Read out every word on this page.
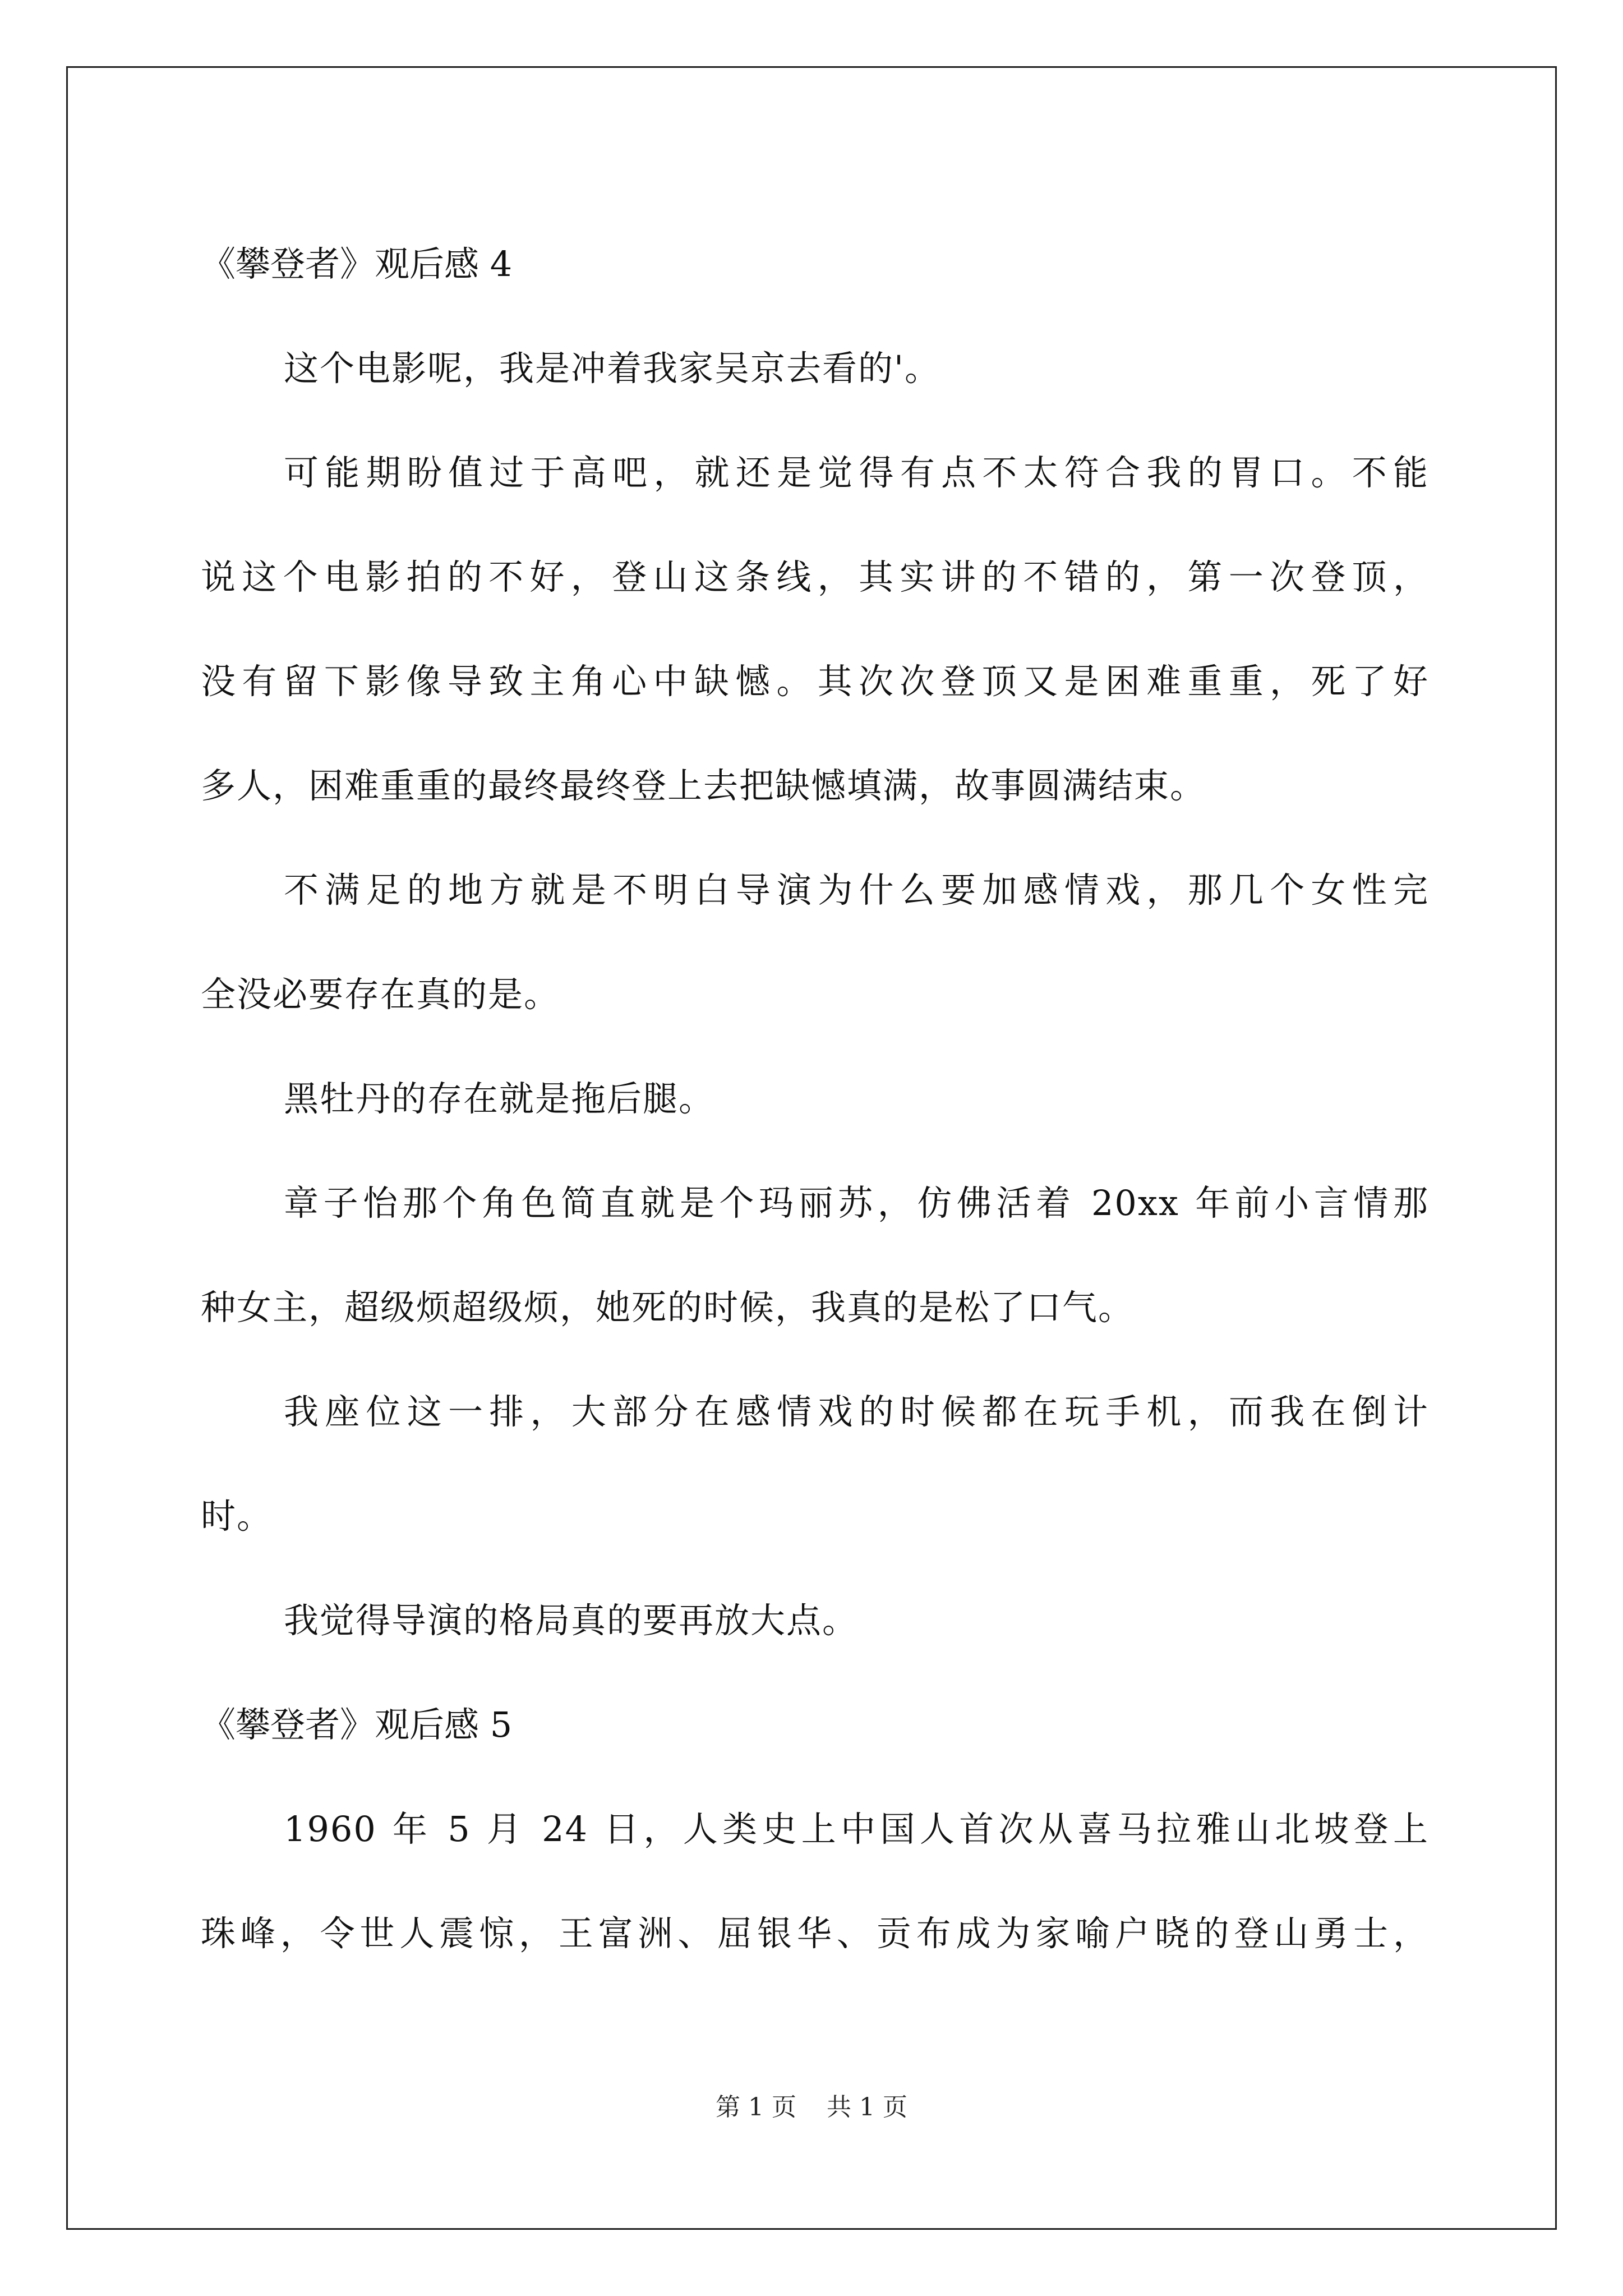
《攀登者》观后感 4
这个电影呢，我是冲着我家吴京去看的'。
可能期盼值过于高吧，就还是觉得有点不太符合我的胃口。不能
说这个电影拍的不好，登山这条线，其实讲的不错的，第一次登顶，
没有留下影像导致主角心中缺憾。其次次登顶又是困难重重，死了好
多人，困难重重的最终最终登上去把缺憾填满，故事圆满结束。
不满足的地方就是不明白导演为什么要加感情戏，那几个女性完
全没必要存在真的是。
黑牡丹的存在就是拖后腿。
章子怡那个角色简直就是个玛丽苏，仿佛活着 20xx 年前小言情那
种女主，超级烦超级烦，她死的时候，我真的是松了口气。
我座位这一排，大部分在感情戏的时候都在玩手机，而我在倒计
时。
我觉得导演的格局真的要再放大点。
《攀登者》观后感 5
1960 年 5 月 24 日，人类史上中国人首次从喜马拉雅山北坡登上
珠峰，令世人震惊，王富洲、屈银华、贡布成为家喻户晓的登山勇士，
第 1 页 共 1 页
